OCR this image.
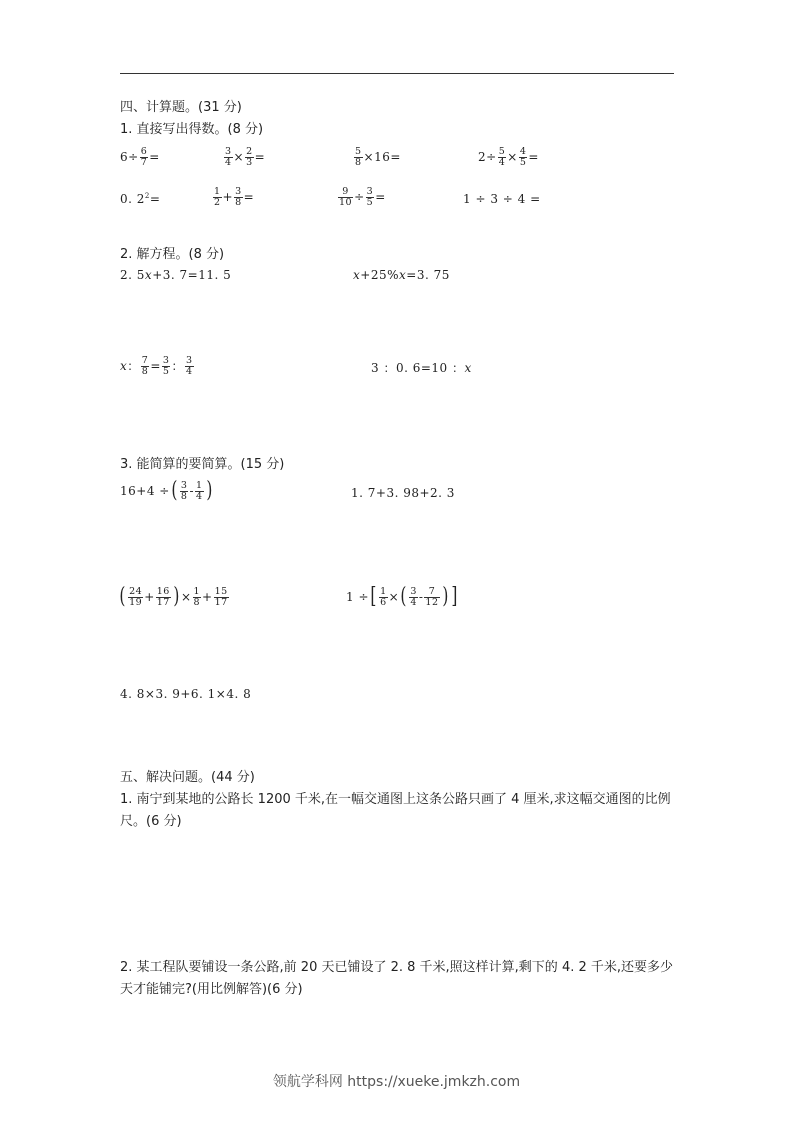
四、计算题。(31 分)
1. 直接写出得数。(8 分)
$6\div \frac{6}{7}$ =	$\frac{3}{4} \times \frac{2}{3}$ =	$\frac{5}{8} \times 16=$	$2\div \frac{5}{4} \times \frac{4}{5}$ =
0. $2^2=$	$\frac{1}{2} + \frac{3}{8}$ =	$\frac{9}{10} \div \frac{3}{5}$ =	1 ÷ 3 ÷ 4 =
2. 解方程。(8 分)
2. 5x+3. 7=11. 5	x+25%x=3. 75
x： $\frac{7}{8} = \frac{3}{5}$ ： $\frac{3}{4}$	3 ：0. 6=10 ：x
3. 能简算的要简算。(15 分)
16+4 ÷( $\frac{3}{8} - \frac{1}{4}$ )	1. 7+3. 98+2. 3
( $\frac{24}{19} + \frac{16}{17}$ )× $\frac{1}{8} + \frac{15}{17}$	1 ÷[ $\frac{1}{6}$ ×( $\frac{3}{4} - \frac{7}{12}$ ) ]
4. 8×3. 9+6. 1×4. 8
五、解决问题。(44 分)
1. 南宁到某地的公路长 1200 千米,在一幅交通图上这条公路只画了 4 厘米,求这幅交通图的比例尺。(6 分)
2. 某工程队要铺设一条公路,前 20 天已铺设了 2. 8 千米,照这样计算,剩下的 4. 2 千米,还要多少天才能铺完?(用比例解答)(6 分)
领航学科网 https://xueke.jmkzh.com
